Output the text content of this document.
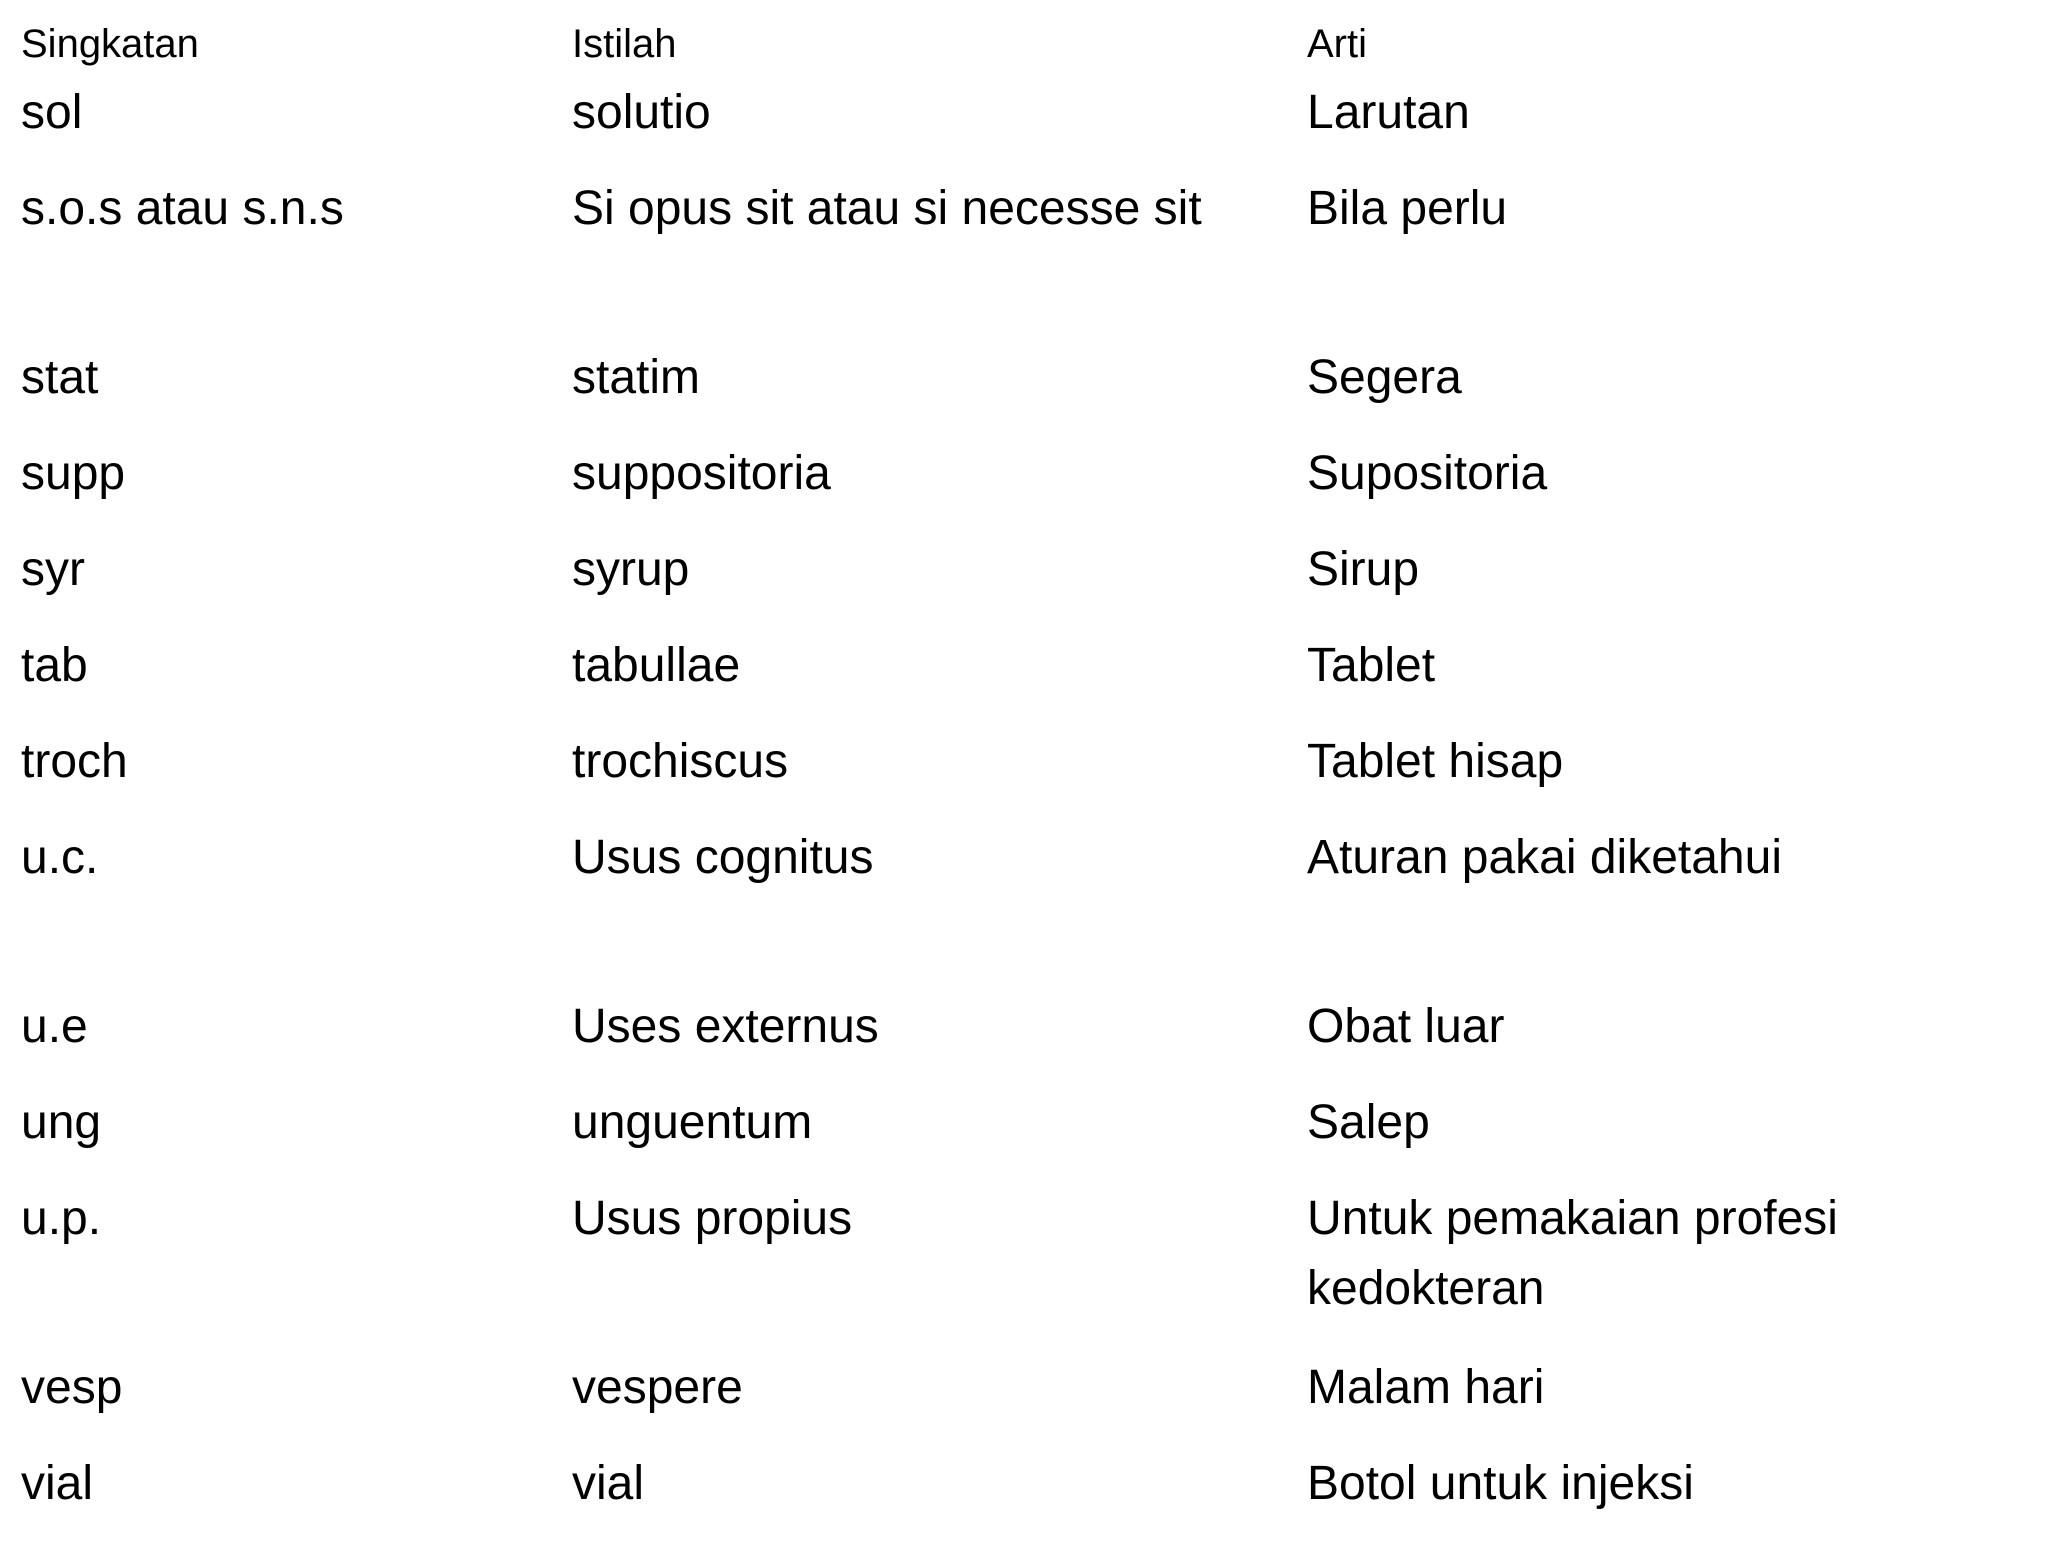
Singkatan	Istilah	Arti
sol	solutio	Larutan
s.o.s atau s.n.s	Si opus sit atau si necesse sit	Bila perlu
stat	statim	Segera
supp	suppositoria	Supositoria
syr	syrup	Sirup
tab	tabullae	Tablet
troch	trochiscus	Tablet hisap
u.c.	Usus cognitus	Aturan pakai diketahui
u.e	Uses externus	Obat luar
ung	unguentum	Salep
u.p.	Usus propius	Untuk pemakaian profesi kedokteran
vesp	vespere	Malam hari
vial	vial	Botol untuk injeksi
